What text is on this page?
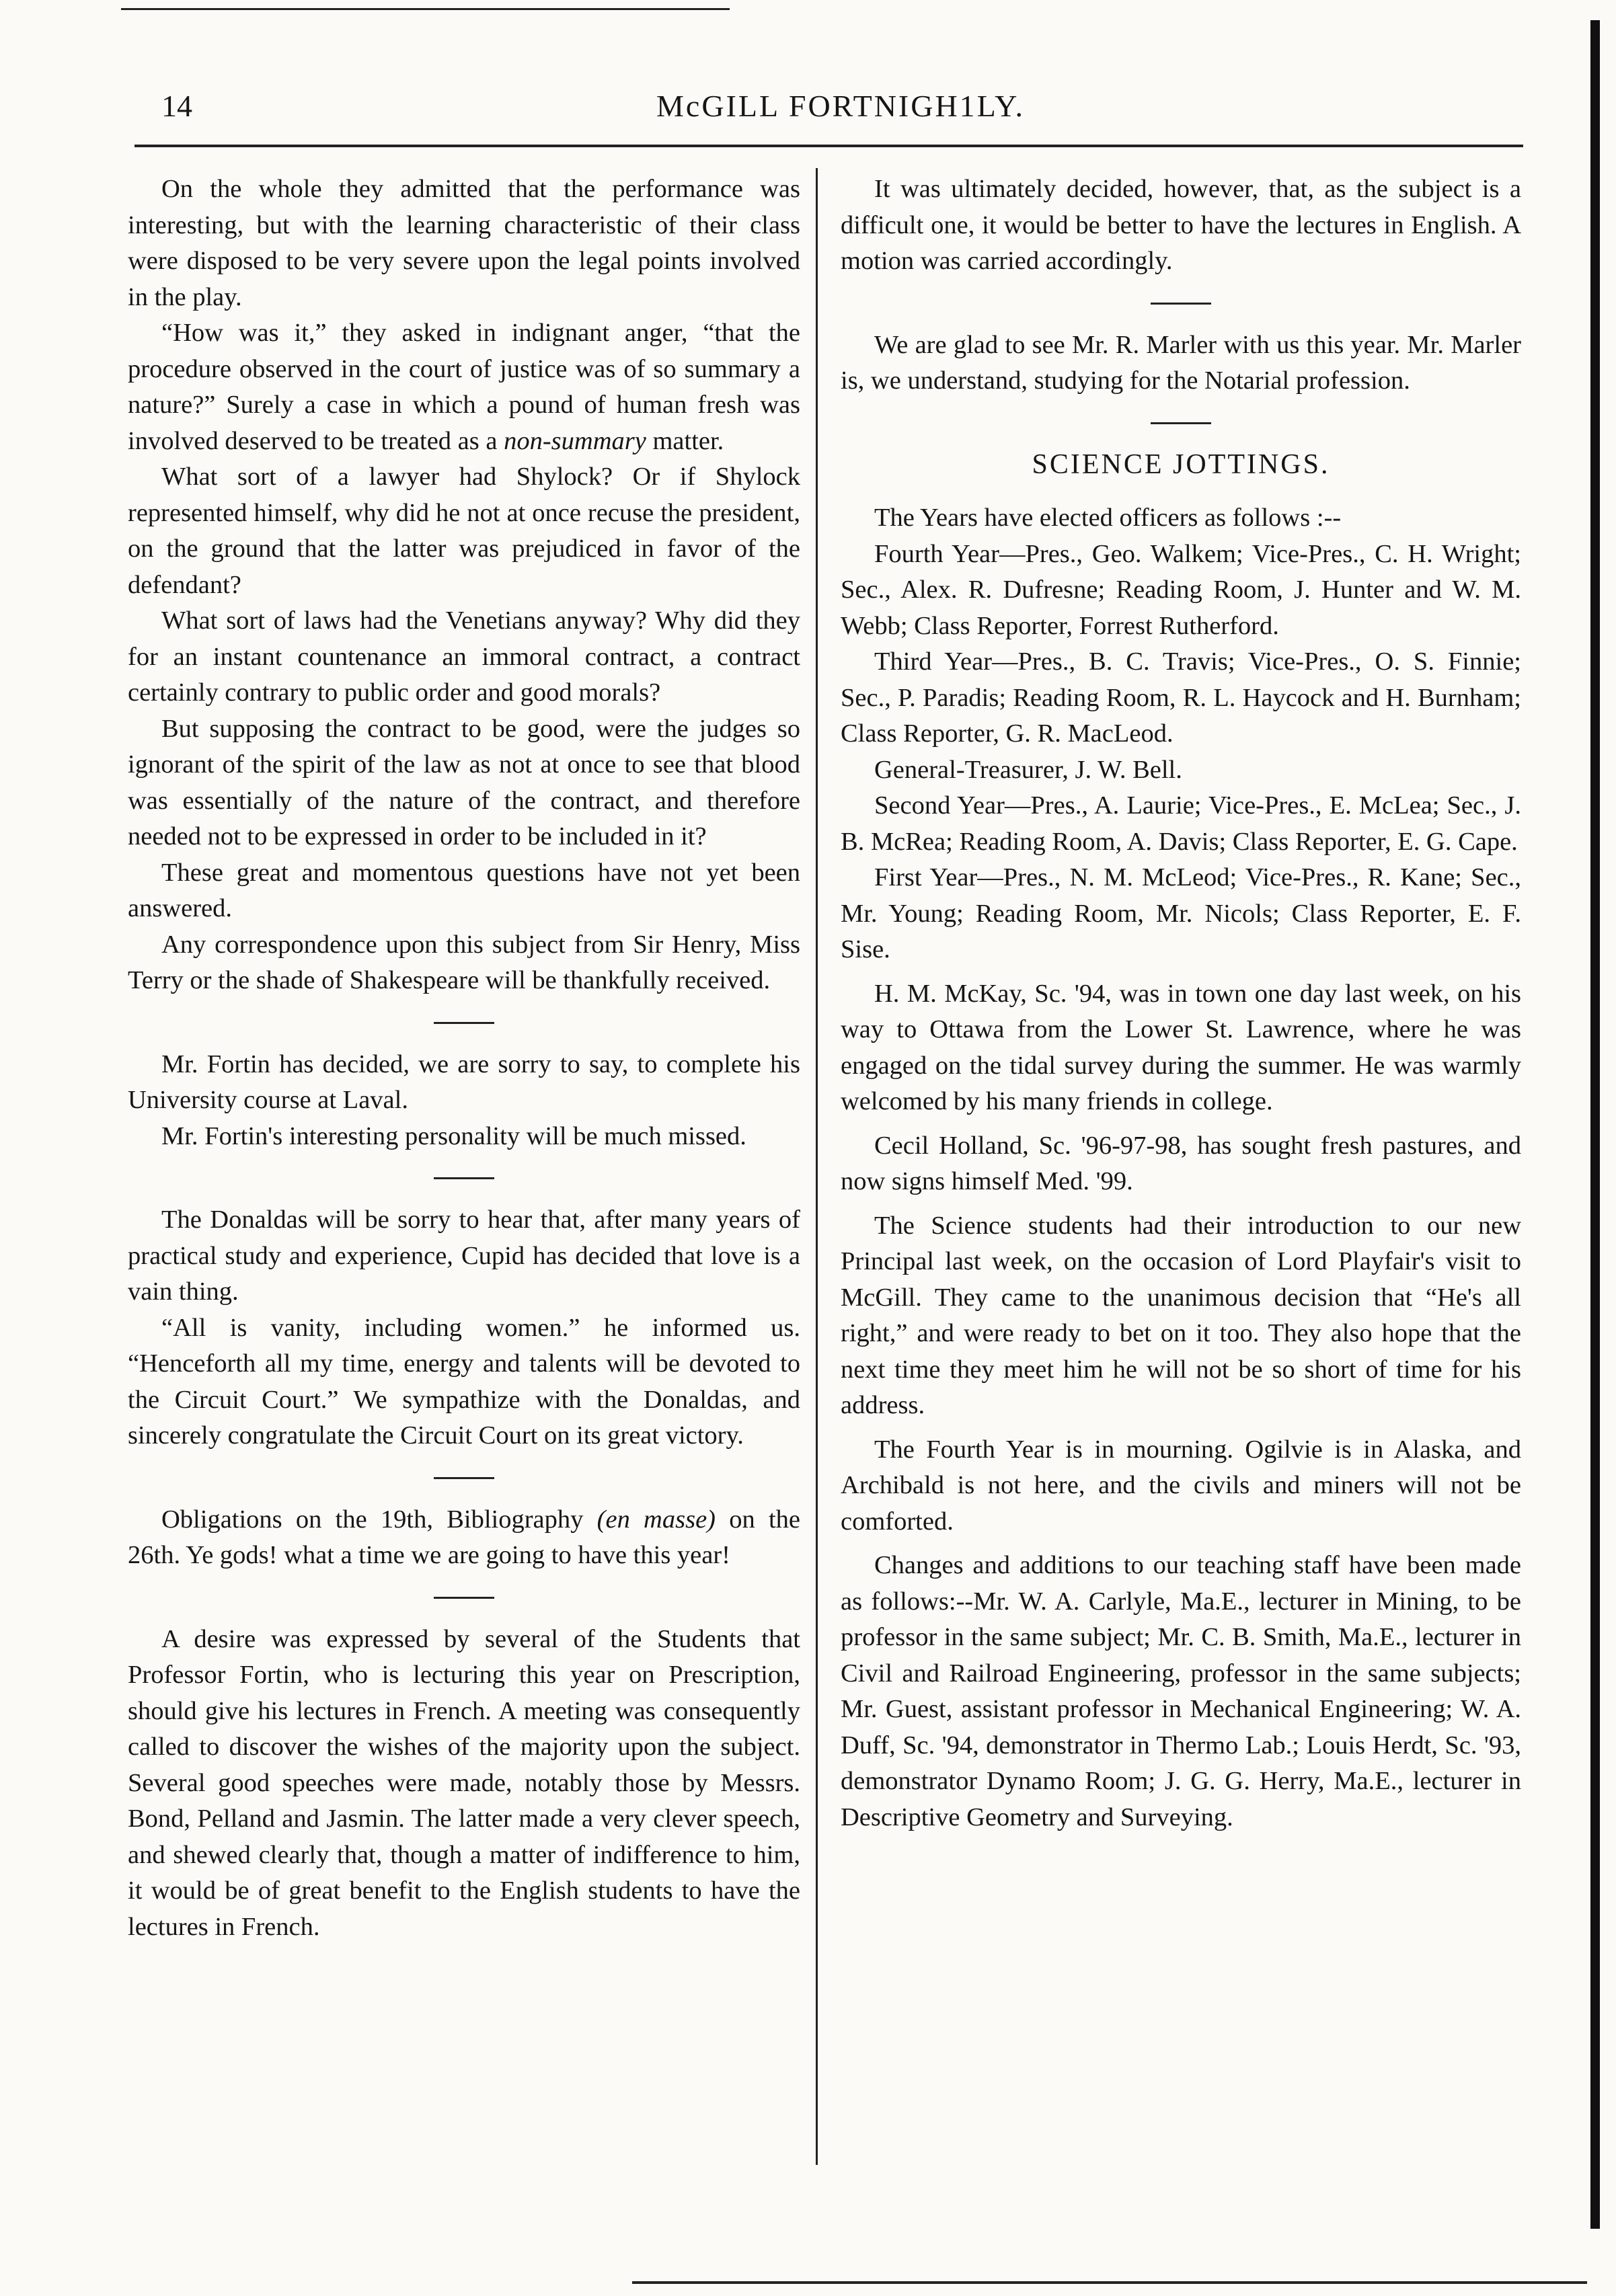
14	McGILL FORTNIGH1LY.

On the whole they admitted that the performance was interesting, but with the learning characteristic of their class were disposed to be very severe upon the legal points involved in the play.

“How was it,” they asked in indignant anger, “that the procedure observed in the court of justice was of so summary a nature?” Surely a case in which a pound of human fresh was involved deserved to be treated as a non-summary matter.

What sort of a lawyer had Shylock? Or if Shylock represented himself, why did he not at once recuse the president, on the ground that the latter was prejudiced in favor of the defendant?

What sort of laws had the Venetians anyway? Why did they for an instant countenance an immoral contract, a contract certainly contrary to public order and good morals?

But supposing the contract to be good, were the judges so ignorant of the spirit of the law as not at once to see that blood was essentially of the nature of the contract, and therefore needed not to be expressed in order to be included in it?

These great and momentous questions have not yet been answered.

Any correspondence upon this subject from Sir Henry, Miss Terry or the shade of Shakespeare will be thankfully received.

Mr. Fortin has decided, we are sorry to say, to complete his University course at Laval.

Mr. Fortin's interesting personality will be much missed.

The Donaldas will be sorry to hear that, after many years of practical study and experience, Cupid has decided that love is a vain thing.

“All is vanity, including women.” he informed us. “Henceforth all my time, energy and talents will be devoted to the Circuit Court.” We sympathize with the Donaldas, and sincerely congratulate the Circuit Court on its great victory.

Obligations on the 19th, Bibliography (en masse) on the 26th. Ye gods! what a time we are going to have this year!

A desire was expressed by several of the Students that Professor Fortin, who is lecturing this year on Prescription, should give his lectures in French. A meeting was consequently called to discover the wishes of the majority upon the subject. Several good speeches were made, notably those by Messrs. Bond, Pelland and Jasmin. The latter made a very clever speech, and shewed clearly that, though a matter of indifference to him, it would be of great benefit to the English students to have the lectures in French.

It was ultimately decided, however, that, as the subject is a difficult one, it would be better to have the lectures in English. A motion was carried accordingly.

We are glad to see Mr. R. Marler with us this year. Mr. Marler is, we understand, studying for the Notarial profession.

SCIENCE JOTTINGS.

The Years have elected officers as follows :--

Fourth Year—Pres., Geo. Walkem; Vice-Pres., C. H. Wright; Sec., Alex. R. Dufresne; Reading Room, J. Hunter and W. M. Webb; Class Reporter, Forrest Rutherford.

Third Year—Pres., B. C. Travis; Vice-Pres., O. S. Finnie; Sec., P. Paradis; Reading Room, R. L. Haycock and H. Burnham; Class Reporter, G. R. MacLeod.

General-Treasurer, J. W. Bell.

Second Year—Pres., A. Laurie; Vice-Pres., E. McLea; Sec., J. B. McRea; Reading Room, A. Davis; Class Reporter, E. G. Cape.

First Year—Pres., N. M. McLeod; Vice-Pres., R. Kane; Sec., Mr. Young; Reading Room, Mr. Nicols; Class Reporter, E. F. Sise.

H. M. McKay, Sc. '94, was in town one day last week, on his way to Ottawa from the Lower St. Lawrence, where he was engaged on the tidal survey during the summer. He was warmly welcomed by his many friends in college.

Cecil Holland, Sc. '96-97-98, has sought fresh pastures, and now signs himself Med. '99.

The Science students had their introduction to our new Principal last week, on the occasion of Lord Playfair's visit to McGill. They came to the unanimous decision that “He's all right,” and were ready to bet on it too. They also hope that the next time they meet him he will not be so short of time for his address.

The Fourth Year is in mourning. Ogilvie is in Alaska, and Archibald is not here, and the civils and miners will not be comforted.

Changes and additions to our teaching staff have been made as follows:--Mr. W. A. Carlyle, Ma.E., lecturer in Mining, to be professor in the same subject; Mr. C. B. Smith, Ma.E., lecturer in Civil and Railroad Engineering, professor in the same subjects; Mr. Guest, assistant professor in Mechanical Engineering; W. A. Duff, Sc. '94, demonstrator in Thermo Lab.; Louis Herdt, Sc. '93, demonstrator Dynamo Room; J. G. G. Herry, Ma.E., lecturer in Descriptive Geometry and Surveying.
